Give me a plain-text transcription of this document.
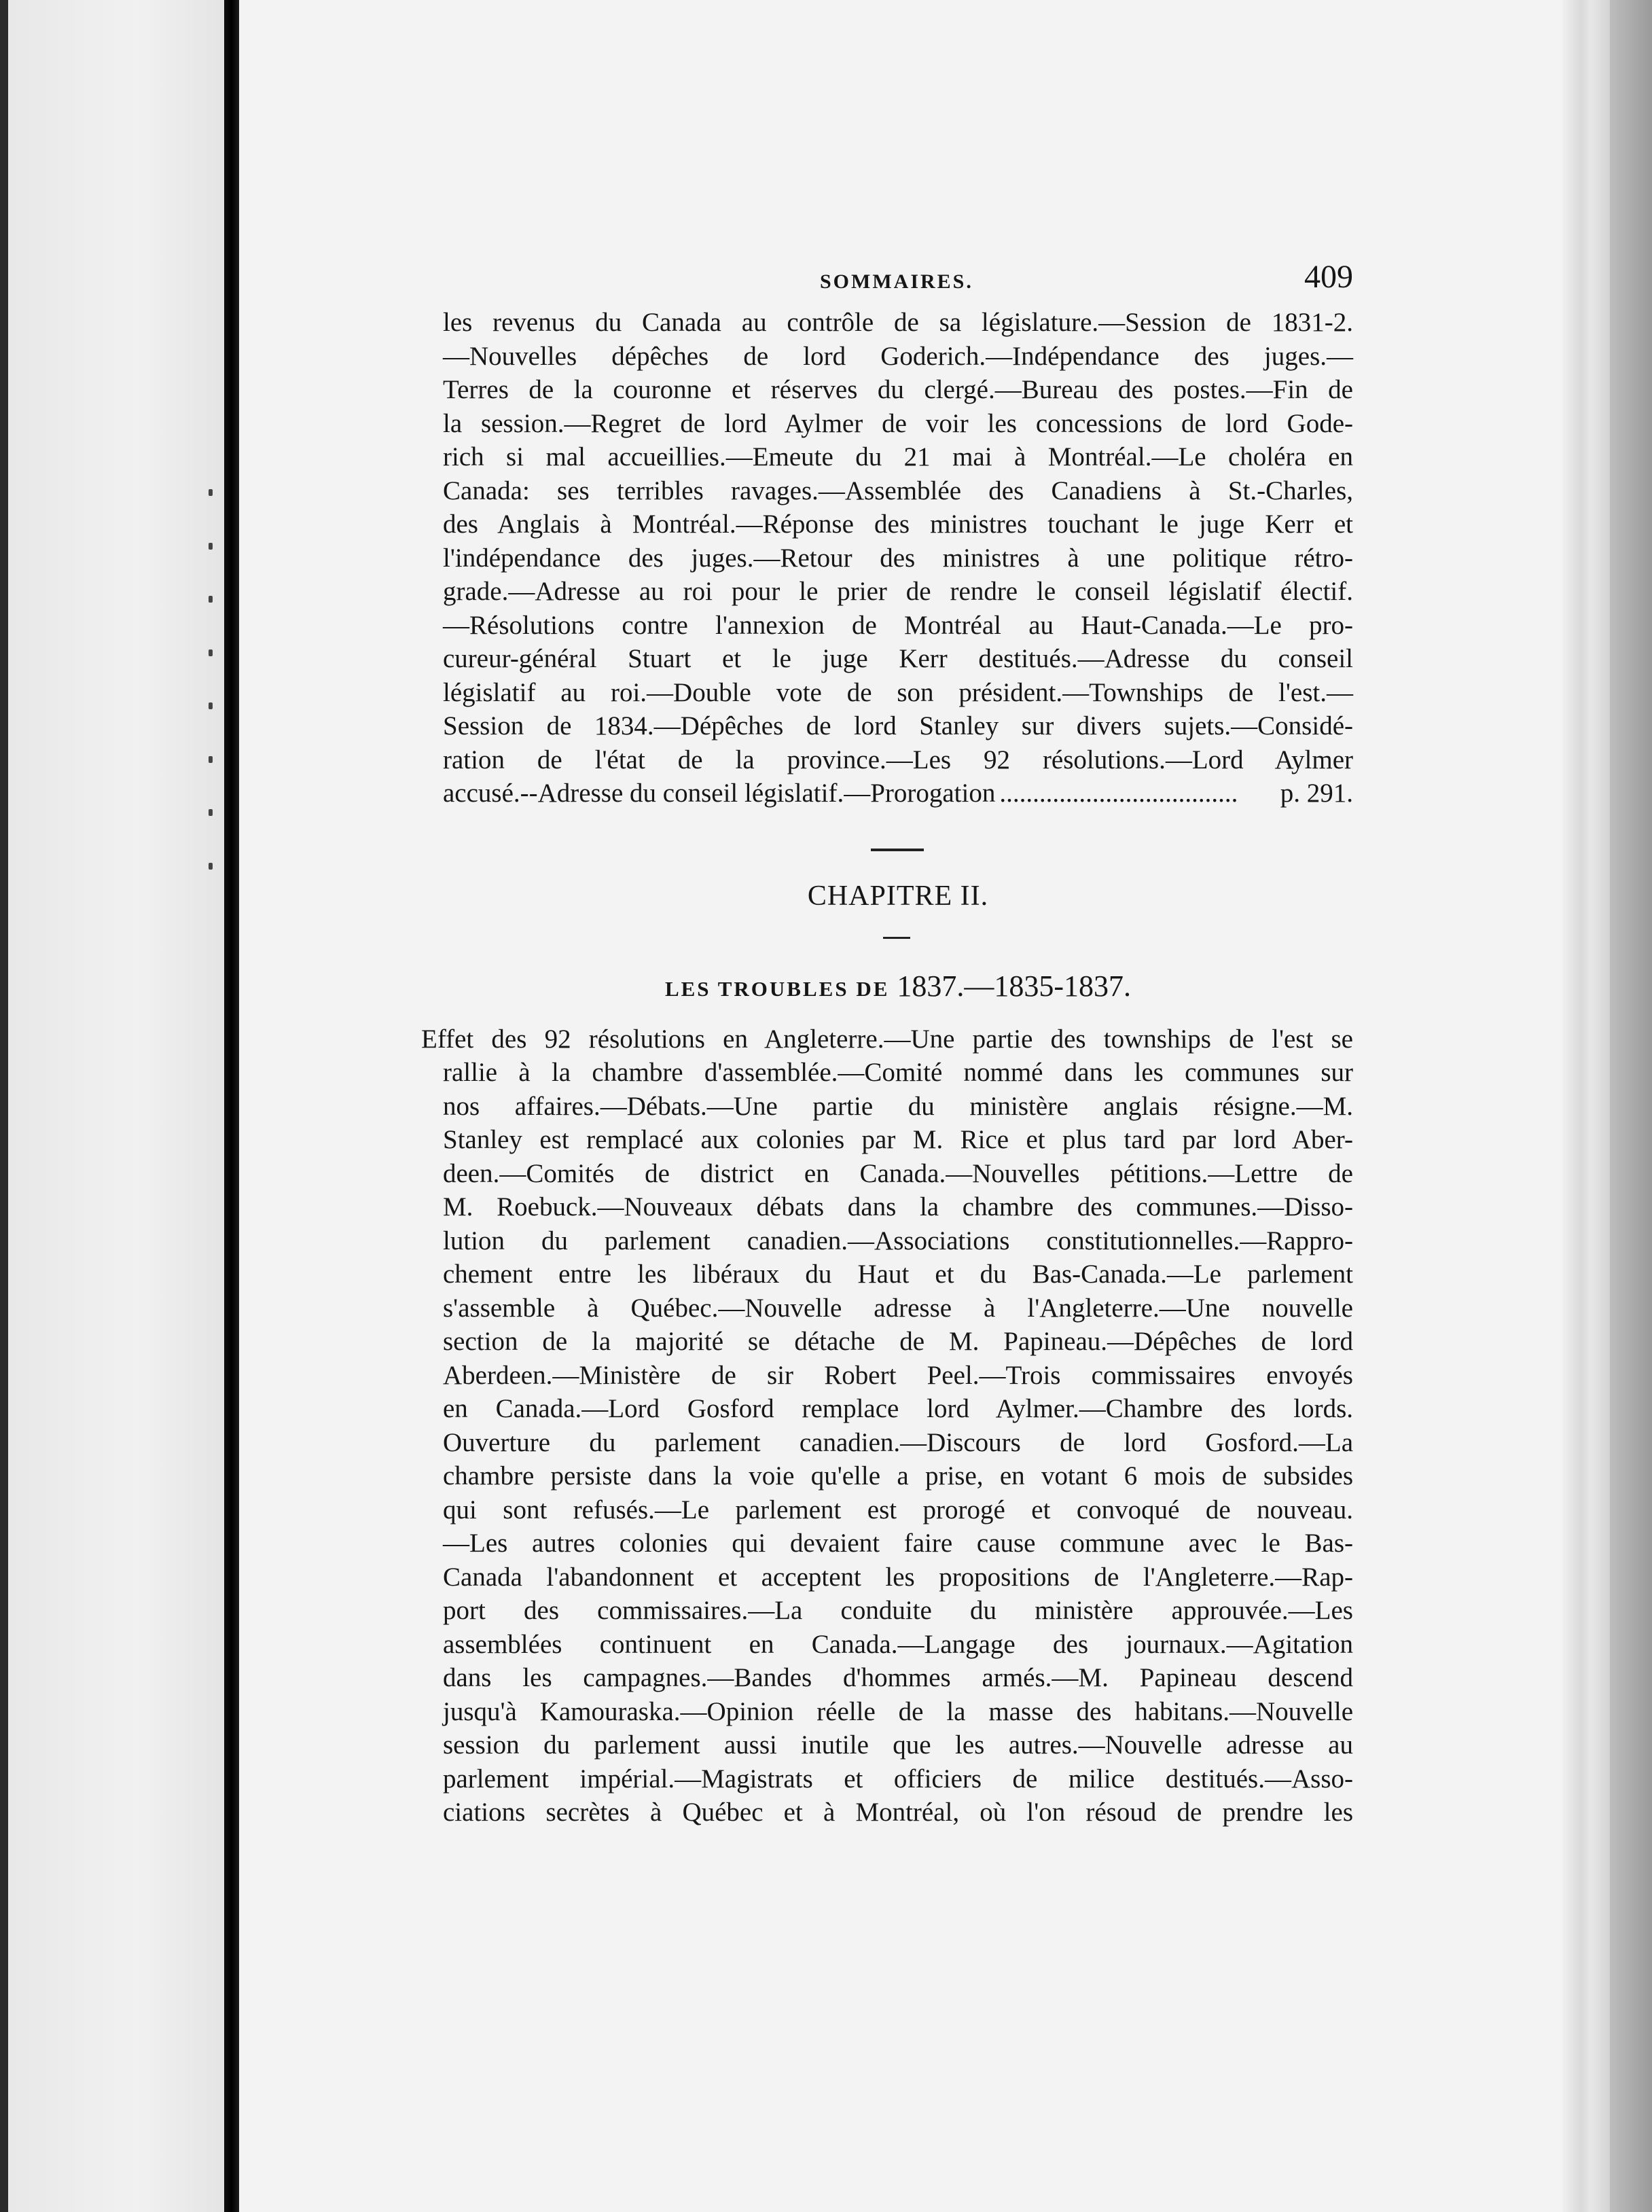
SOMMAIRES.	409

les revenus du Canada au contrôle de sa législature.—Session de 1831-2.

—Nouvelles dépêches de lord Goderich.—Indépendance des juges.—

Terres de la couronne et réserves du clergé.—Bureau des postes.—Fin de

la session.—Regret de lord Aylmer de voir les concessions de lord Gode-

rich si mal accueillies.—Emeute du 21 mai à Montréal.—Le choléra en

Canada: ses terribles ravages.—Assemblée des Canadiens à St.-Charles,

des Anglais à Montréal.—Réponse des ministres touchant le juge Kerr et

l'indépendance des juges.—Retour des ministres à une politique rétro-

grade.—Adresse au roi pour le prier de rendre le conseil législatif électif.

—Résolutions contre l'annexion de Montréal au Haut-Canada.—Le pro-

cureur-général Stuart et le juge Kerr destitués.—Adresse du conseil

législatif au roi.—Double vote de son président.—Townships de l'est.—

Session de 1834.—Dépêches de lord Stanley sur divers sujets.—Considé-

ration de l'état de la province.—Les 92 résolutions.—Lord Aylmer

accusé.--Adresse du conseil législatif.—Prorogation ....................................	p. 291.

CHAPITRE II.
LES TROUBLES DE 1837.—1835-1837.

Effet des 92 résolutions en Angleterre.—Une partie des townships de l'est se

rallie à la chambre d'assemblée.—Comité nommé dans les communes sur

nos affaires.—Débats.—Une partie du ministère anglais résigne.—M.

Stanley est remplacé aux colonies par M. Rice et plus tard par lord Aber-

deen.—Comités de district en Canada.—Nouvelles pétitions.—Lettre de

M. Roebuck.—Nouveaux débats dans la chambre des communes.—Disso-

lution du parlement canadien.—Associations constitutionnelles.—Rappro-

chement entre les libéraux du Haut et du Bas-Canada.—Le parlement

s'assemble à Québec.—Nouvelle adresse à l'Angleterre.—Une nouvelle

section de la majorité se détache de M. Papineau.—Dépêches de lord

Aberdeen.—Ministère de sir Robert Peel.—Trois commissaires envoyés

en Canada.—Lord Gosford remplace lord Aylmer.—Chambre des lords.

Ouverture du parlement canadien.—Discours de lord Gosford.—La

chambre persiste dans la voie qu'elle a prise, en votant 6 mois de subsides

qui sont refusés.—Le parlement est prorogé et convoqué de nouveau.

—Les autres colonies qui devaient faire cause commune avec le Bas-

Canada l'abandonnent et acceptent les propositions de l'Angleterre.—Rap-

port des commissaires.—La conduite du ministère approuvée.—Les

assemblées continuent en Canada.—Langage des journaux.—Agitation

dans les campagnes.—Bandes d'hommes armés.—M. Papineau descend

jusqu'à Kamouraska.—Opinion réelle de la masse des habitans.—Nouvelle

session du parlement aussi inutile que les autres.—Nouvelle adresse au

parlement impérial.—Magistrats et officiers de milice destitués.—Asso-

ciations secrètes à Québec et à Montréal, où l'on résoud de prendre les
